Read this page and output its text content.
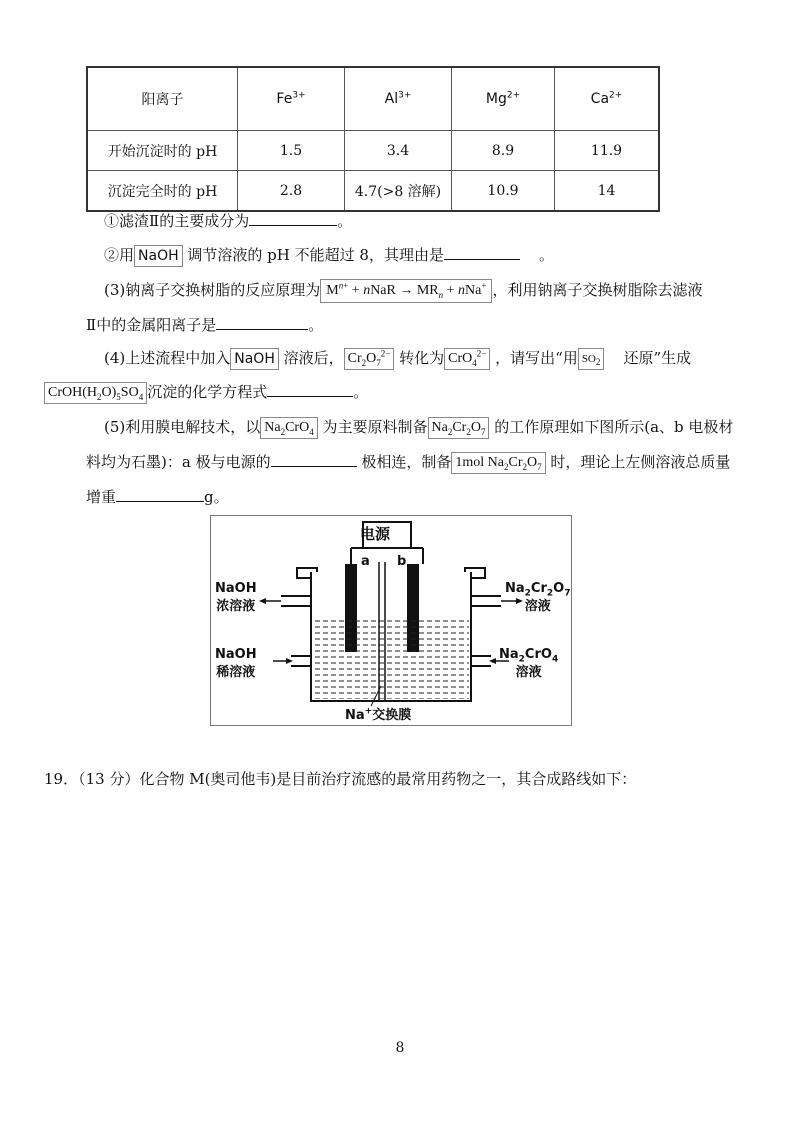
阳离子	$Fe^{3+}$	$Al^{3+}$	$Mg^{2+}$	$Ca^{2+}$
开始沉淀时的 pH	1.5	3.4	8.9	11.9
沉淀完全时的 pH	2.8	4.7(>8 溶解)	10.9	14
①滤渣Ⅱ的主要成分为	。
②用 NaOH 调节溶液的 pH 不能超过 8，其理由是	。
(3)钠离子交换树脂的反应原理为 $M^{n+}$ + nNaR → $MR_n + nNa^+$ ，利用钠离子交换树脂除去滤液
Ⅱ中的金属阳离子是	。
(4)上述流程中加入 NaOH 溶液后， $Cr_2O_7^{2-}$ 转化为 CrO$_4^{2-}$ ，请写出“用 $SO_2$ 还原”生成
$CrOH(H_2O)_5SO_4$ 沉淀的化学方程式	。
(5)利用膜电解技术，以 $Na_2CrO_4$ 为主要原料制备 $Na_2Cr_2O_7$ 的工作原理如下图所示(a、b 电极材
料均为石墨)：a 极与电源的	极相连，制备 1mol $Na_2Cr_2O_7$ 时，理论上左侧溶液总质量
增重	g。
电源
a b
NaOH
浓溶液
NaOH
稀溶液
$Na_2Cr_2O_7$
溶液
$Na_2CrO_4$
溶液
Na+交换膜
19．（13 分）化合物 M(奥司他韦)是目前治疗流感的最常用药物之一，其合成路线如下：
8
